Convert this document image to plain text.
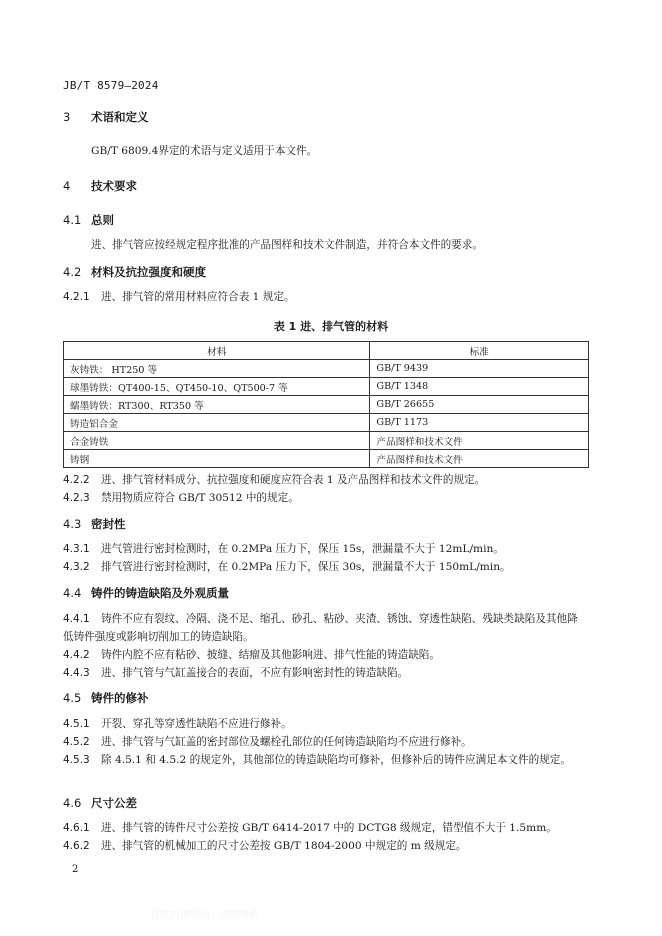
JB/T 8579—2024
3 术语和定义
GB/T 6809.4界定的术语与定义适用于本文件。
4 技术要求
4.1 总则
进、排气管应按经规定程序批准的产品图样和技术文件制造，并符合本文件的要求。
4.2 材料及抗拉强度和硬度
4.2.1 进、排气管的常用材料应符合表 1 规定。
表 1 进、排气管的材料
材料	标准
灰铸铁： HT250 等	GB/T 9439
球墨铸铁：QT400-15、QT450-10、QT500-7 等	GB/T 1348
蠕墨铸铁：RT300、RT350 等	GB/T 26655
铸造铝合金	GB/T 1173
合金铸铁	产品图样和技术文件
铸钢	产品图样和技术文件
4.2.2 进、排气管材料成分、抗拉强度和硬度应符合表 1 及产品图样和技术文件的规定。
4.2.3 禁用物质应符合 GB/T 30512 中的规定。
4.3 密封性
4.3.1 进气管进行密封检测时，在 0.2MPa 压力下，保压 15s，泄漏量不大于 12mL/min。
4.3.2 排气管进行密封检测时，在 0.2MPa 压力下，保压 30s，泄漏量不大于 150mL/min。
4.4 铸件的铸造缺陷及外观质量
4.4.1 铸件不应有裂纹、冷隔、浇不足、缩孔、砂孔、粘砂、夹渣、锈蚀、穿透性缺陷、残缺类缺陷及其他降低铸件强度或影响切削加工的铸造缺陷。
4.4.2 铸件内腔不应有粘砂、披缝、结瘤及其他影响进、排气性能的铸造缺陷。
4.4.3 进、排气管与气缸盖接合的表面，不应有影响密封性的铸造缺陷。
4.5 铸件的修补
4.5.1 开裂、穿孔等穿透性缺陷不应进行修补。
4.5.2 进、排气管与气缸盖的密封部位及螺栓孔部位的任何铸造缺陷均不应进行修补。
4.5.3 除 4.5.1 和 4.5.2 的规定外，其他部位的铸造缺陷均可修补，但修补后的铸件应满足本文件的规定。
4.6 尺寸公差
4.6.1 进、排气管的铸件尺寸公差按 GB/T 6414-2017 中的 DCTG8 级规定，错型值不大于 1.5mm。
4.6.2 进、排气管的机械加工的尺寸公差按 GB/T 1804-2000 中规定的 m 级规定。
2
仅供内部使用 · 请勿外传
